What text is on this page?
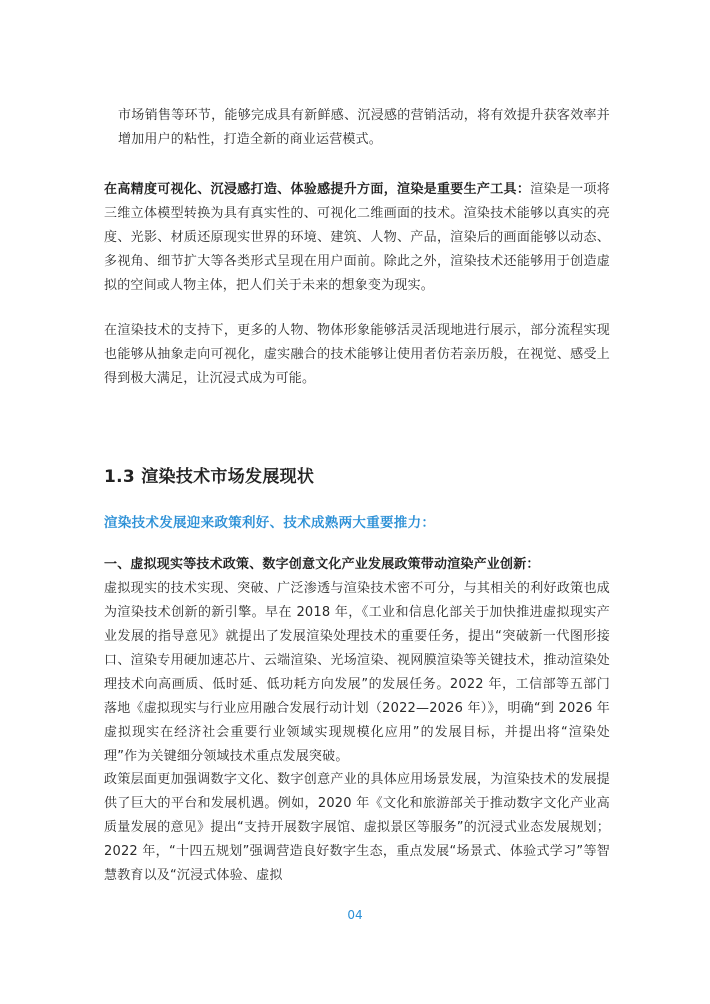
市场销售等环节，能够完成具有新鲜感、沉浸感的营销活动，将有效提升获客效率并增加用户的粘性，打造全新的商业运营模式。

在高精度可视化、沉浸感打造、体验感提升方面，渲染是重要生产工具：渲染是一项将三维立体模型转换为具有真实性的、可视化二维画面的技术。渲染技术能够以真实的亮度、光影、材质还原现实世界的环境、建筑、人物、产品，渲染后的画面能够以动态、多视角、细节扩大等各类形式呈现在用户面前。除此之外，渲染技术还能够用于创造虚拟的空间或人物主体，把人们关于未来的想象变为现实。

在渲染技术的支持下，更多的人物、物体形象能够活灵活现地进行展示，部分流程实现也能够从抽象走向可视化，虚实融合的技术能够让使用者仿若亲历般，在视觉、感受上得到极大满足，让沉浸式成为可能。

1.3 渲染技术市场发展现状
渲染技术发展迎来政策利好、技术成熟两大重要推力：

一、虚拟现实等技术政策、数字创意文化产业发展政策带动渲染产业创新：
虚拟现实的技术实现、突破、广泛渗透与渲染技术密不可分，与其相关的利好政策也成为渲染技术创新的新引擎。早在 2018 年，《工业和信息化部关于加快推进虚拟现实产业发展的指导意见》就提出了发展渲染处理技术的重要任务，提出“突破新一代图形接口、渲染专用硬加速芯片、云端渲染、光场渲染、视网膜渲染等关键技术，推动渲染处理技术向高画质、低时延、低功耗方向发展”的发展任务。2022 年，工信部等五部门落地《虚拟现实与行业应用融合发展行动计划（2022—2026 年）》，明确“到 2026 年虚拟现实在经济社会重要行业领域实现规模化应用”的发展目标，并提出将“渲染处理”作为关键细分领域技术重点发展突破。

政策层面更加强调数字文化、数字创意产业的具体应用场景发展，为渲染技术的发展提供了巨大的平台和发展机遇。例如，2020 年《文化和旅游部关于推动数字文化产业高质量发展的意见》提出“支持开展数字展馆、虚拟景区等服务”的沉浸式业态发展规划；2022 年，“十四五规划”强调营造良好数字生态，重点发展“场景式、体验式学习”等智慧教育以及“沉浸式体验、虚拟

04
